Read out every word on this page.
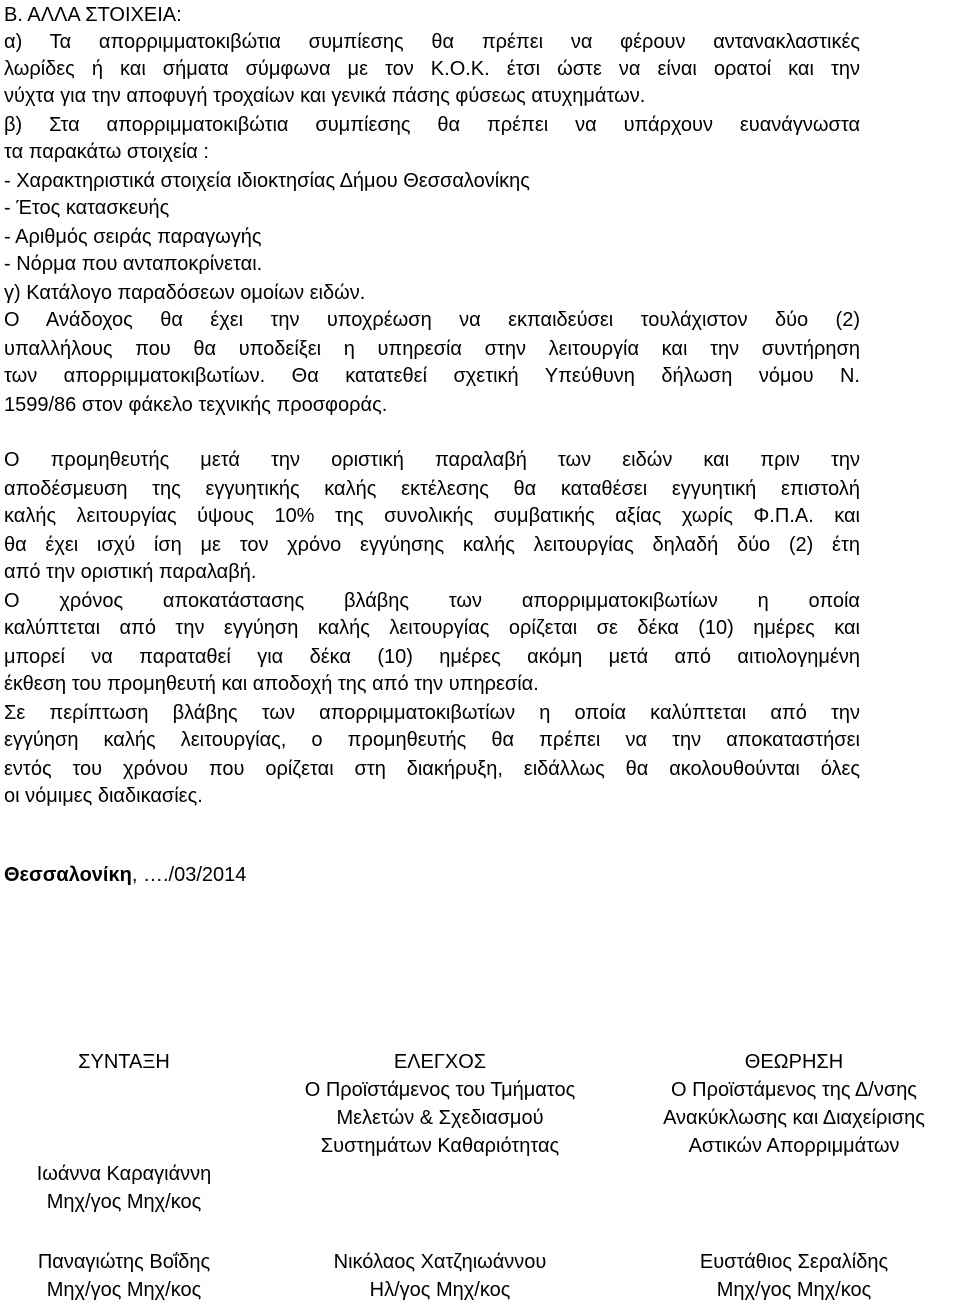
Β. ΑΛΛΑ ΣΤΟΙΧΕΙΑ:
α) Τα απορριμματοκιβώτια συμπίεσης θα πρέπει να φέρουν αντανακλαστικές
λωρίδες ή και σήματα σύμφωνα με τον Κ.Ο.Κ. έτσι ώστε να είναι ορατοί και την
νύχτα για την αποφυγή τροχαίων και γενικά πάσης φύσεως ατυχημάτων.
β) Στα απορριμματοκιβώτια συμπίεσης θα πρέπει να υπάρχουν ευανάγνωστα
τα παρακάτω στοιχεία :
- Χαρακτηριστικά στοιχεία ιδιοκτησίας Δήμου Θεσσαλονίκης
- Έτος κατασκευής
- Αριθμός σειράς παραγωγής
- Νόρμα που ανταποκρίνεται.
γ) Κατάλογο παραδόσεων ομοίων ειδών.
Ο Ανάδοχος θα έχει την υποχρέωση να εκπαιδεύσει τουλάχιστον δύο (2)
υπαλλήλους που θα υποδείξει η υπηρεσία στην λειτουργία και την συντήρηση
των απορριμματοκιβωτίων. Θα κατατεθεί σχετική Υπεύθυνη δήλωση νόμου Ν.
1599/86 στον φάκελο τεχνικής προσφοράς.
Ο προμηθευτής μετά την οριστική παραλαβή των ειδών και πριν την
αποδέσμευση της εγγυητικής καλής εκτέλεσης θα καταθέσει εγγυητική επιστολή
καλής λειτουργίας ύψους 10% της συνολικής συμβατικής αξίας χωρίς Φ.Π.Α. και
θα έχει ισχύ ίση με τον χρόνο εγγύησης καλής λειτουργίας δηλαδή δύο (2) έτη
από την οριστική παραλαβή.
Ο χρόνος αποκατάστασης βλάβης των απορριμματοκιβωτίων η οποία
καλύπτεται από την εγγύηση καλής λειτουργίας ορίζεται σε δέκα (10) ημέρες και
μπορεί να παραταθεί για δέκα (10) ημέρες ακόμη μετά από αιτιολογημένη
έκθεση του προμηθευτή και αποδοχή της από την υπηρεσία.
Σε περίπτωση βλάβης των απορριμματοκιβωτίων η οποία καλύπτεται από την
εγγύηση καλής λειτουργίας, ο προμηθευτής θα πρέπει να την αποκαταστήσει
εντός του χρόνου που ορίζεται στη διακήρυξη, ειδάλλως θα ακολουθούνται όλες
οι νόμιμες διαδικασίες.
Θεσσαλονίκη, …./03/2014
ΣΥΝΤΑΞΗ
Ιωάννα Καραγιάννη
Μηχ/γος Μηχ/κος
Παναγιώτης Βοΐδης
Μηχ/γος Μηχ/κος
ΕΛΕΓΧΟΣ
Ο Προϊστάμενος του Τμήματος
Μελετών & Σχεδιασμού
Συστημάτων Καθαριότητας
Νικόλαος Χατζηιωάννου
Ηλ/γος Μηχ/κος
ΘΕΩΡΗΣΗ
Ο Προϊστάμενος της Δ/νσης
Ανακύκλωσης και Διαχείρισης
Αστικών Απορριμμάτων
Ευστάθιος Σεραλίδης
Μηχ/γος Μηχ/κος
